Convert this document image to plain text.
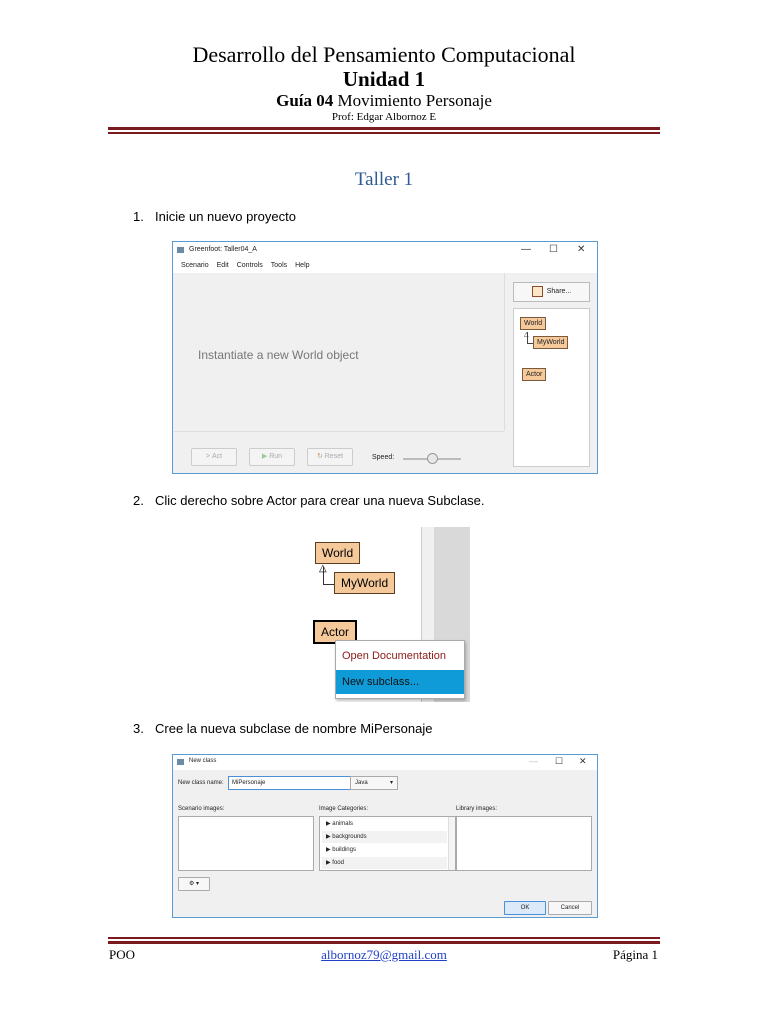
Desarrollo del Pensamiento Computacional
Unidad 1
Guía 04 Movimiento Personaje
Prof: Edgar Albornoz E
Taller 1
1. Inicie un nuevo proyecto
Greenfoot: Taller04_A	— ☐ ✕
Scenario Edit Controls Tools Help
Instantiate a new World object
> Act	▶ Run	↻ Reset	Speed:
Share...
World
△
MyWorld
Actor
2. Clic derecho sobre Actor para crear una nueva Subclase.
World
△
MyWorld
Actor
Open Documentation
New subclass...
3. Cree la nueva subclase de nombre MiPersonaje
New class	— ☐ ✕
New class name:	MiPersonaje	Java	▾
Scenario images:	Image Categories:	Library images:
▶ animals
▶ backgrounds
▶ buildings
▶ food
⚙ ▾
OK	Cancel
POO	albornoz79@gmail.com	Página 1
